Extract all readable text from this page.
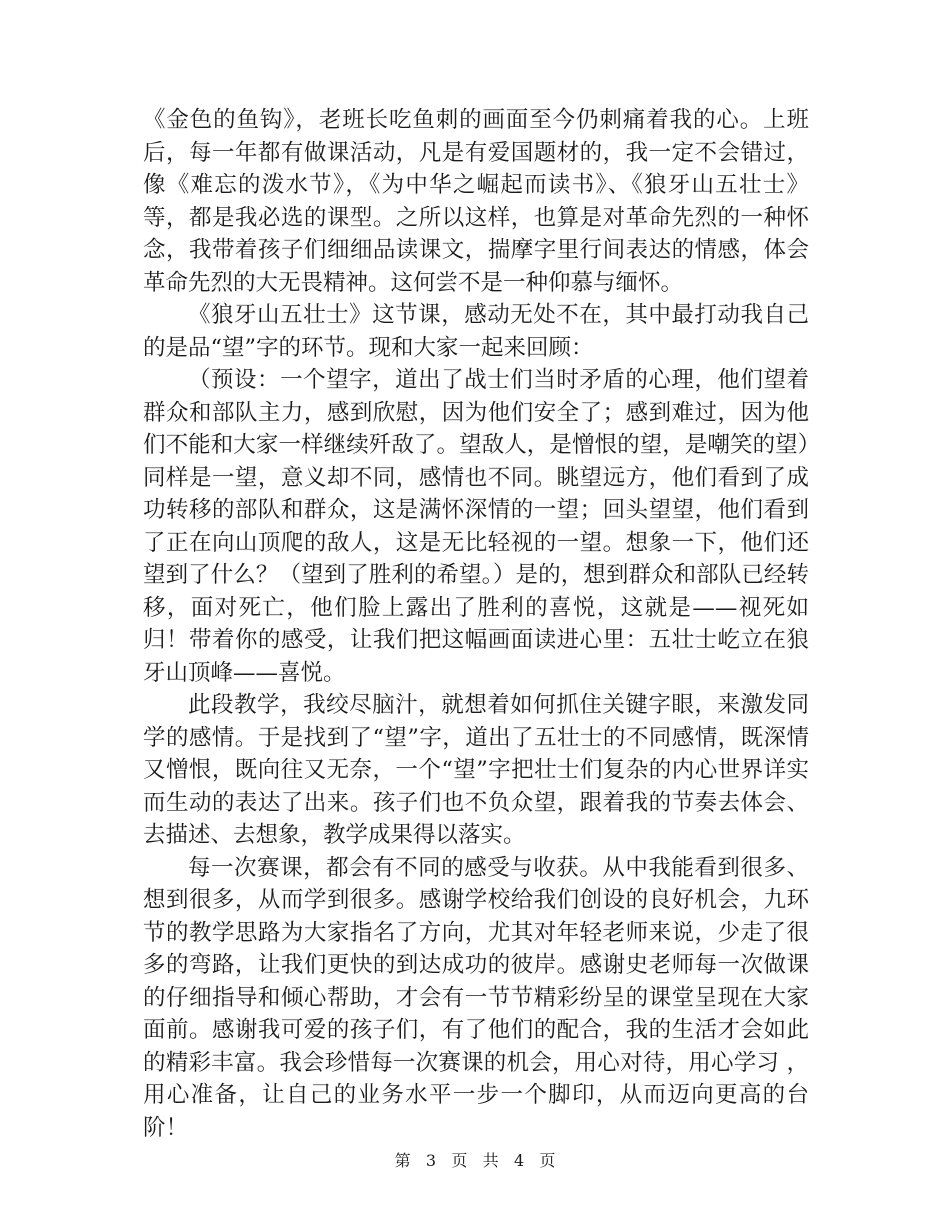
《金色的鱼钩》，老班长吃鱼刺的画面至今仍刺痛着我的心。上班后，每一年都有做课活动，凡是有爱国题材的，我一定不会错过，像《难忘的泼水节》，《为中华之崛起而读书》、《狼牙山五壮士》等，都是我必选的课型。之所以这样，也算是对革命先烈的一种怀念，我带着孩子们细细品读课文，揣摩字里行间表达的情感，体会革命先烈的大无畏精神。这何尝不是一种仰慕与缅怀。

《狼牙山五壮士》这节课，感动无处不在，其中最打动我自己的是品“望”字的环节。现和大家一起来回顾：

（预设：一个望字，道出了战士们当时矛盾的心理，他们望着群众和部队主力，感到欣慰，因为他们安全了；感到难过，因为他们不能和大家一样继续歼敌了。望敌人，是憎恨的望，是嘲笑的望）同样是一望，意义却不同，感情也不同。眺望远方，他们看到了成功转移的部队和群众，这是满怀深情的一望；回头望望，他们看到了正在向山顶爬的敌人，这是无比轻视的一望。想象一下，他们还望到了什么？（望到了胜利的希望。）是的，想到群众和部队已经转移，面对死亡，他们脸上露出了胜利的喜悦，这就是——视死如归！带着你的感受，让我们把这幅画面读进心里：五壮士屹立在狼牙山顶峰——喜悦。

此段教学，我绞尽脑汁，就想着如何抓住关键字眼，来激发同学的感情。于是找到了“望”字，道出了五壮士的不同感情，既深情又憎恨，既向往又无奈，一个“望”字把壮士们复杂的内心世界详实而生动的表达了出来。孩子们也不负众望，跟着我的节奏去体会、去描述、去想象，教学成果得以落实。

每一次赛课，都会有不同的感受与收获。从中我能看到很多、想到很多，从而学到很多。感谢学校给我们创设的良好机会，九环节的教学思路为大家指名了方向，尤其对年轻老师来说，少走了很多的弯路，让我们更快的到达成功的彼岸。感谢史老师每一次做课的仔细指导和倾心帮助，才会有一节节精彩纷呈的课堂呈现在大家面前。感谢我可爱的孩子们，有了他们的配合，我的生活才会如此的精彩丰富。我会珍惜每一次赛课的机会，用心对待，用心学习 ，用心准备，让自己的业务水平一步一个脚印，从而迈向更高的台阶！

第 3 页 共 4 页
